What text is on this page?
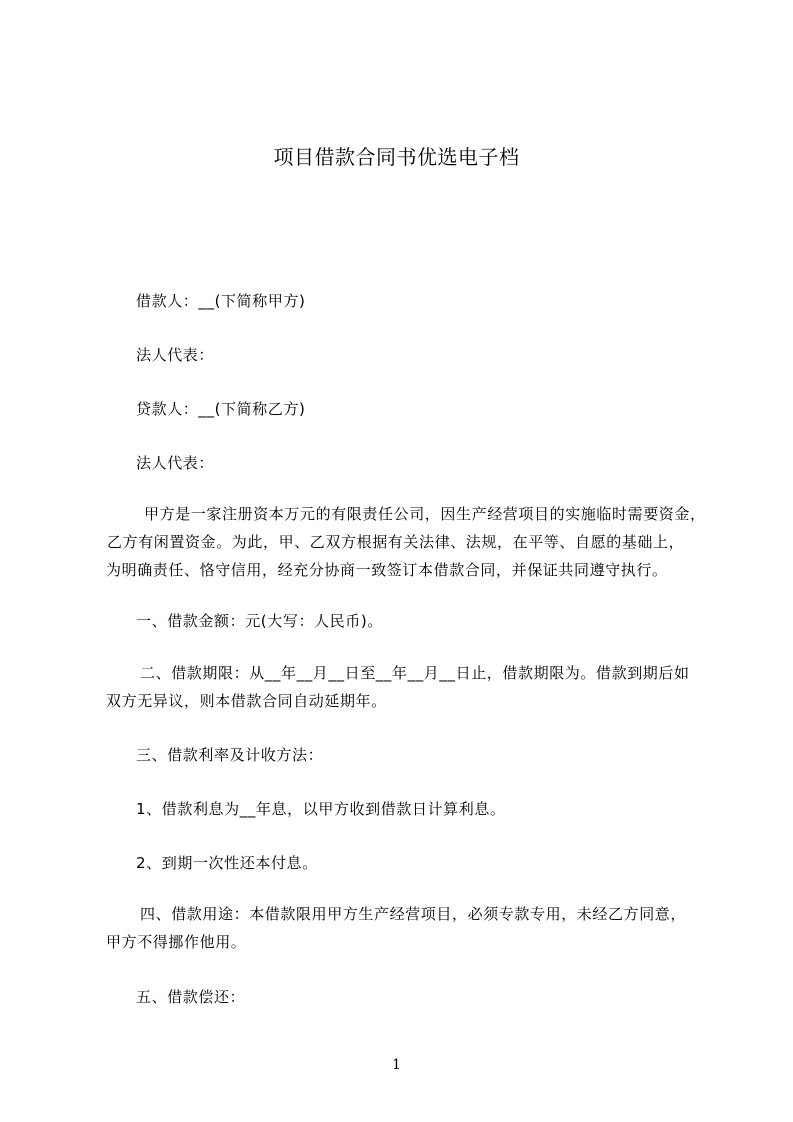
项目借款合同书优选电子档
借款人：__(下简称甲方)
法人代表：
贷款人：__(下简称乙方)
法人代表：
甲方是一家注册资本万元的有限责任公司，因生产经营项目的实施临时需要资金，
乙方有闲置资金。为此，甲、乙双方根据有关法律、法规，在平等、自愿的基础上，
为明确责任、恪守信用，经充分协商一致签订本借款合同，并保证共同遵守执行。
一、借款金额：元(大写：人民币)。
二、借款期限：从__年__月__日至__年__月__日止，借款期限为。借款到期后如
双方无异议，则本借款合同自动延期年。
三、借款利率及计收方法：
1、借款利息为__年息，以甲方收到借款日计算利息。
2、到期一次性还本付息。
四、借款用途：本借款限用甲方生产经营项目，必须专款专用，未经乙方同意，
甲方不得挪作他用。
五、借款偿还：
1
